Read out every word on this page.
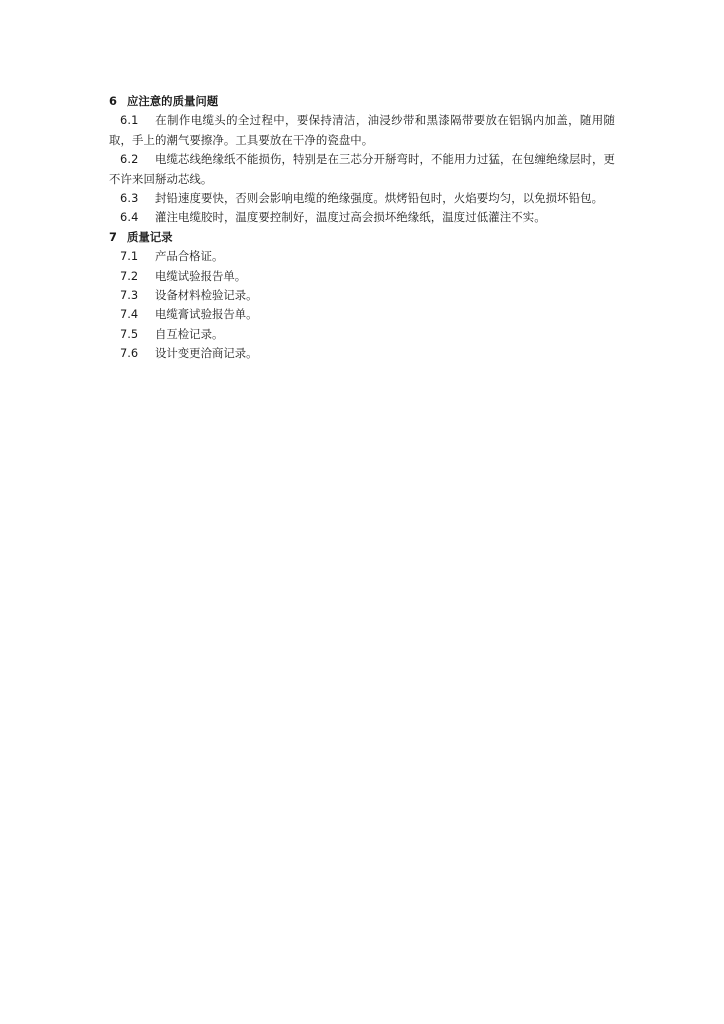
6 应注意的质量问题
6.1 在制作电缆头的全过程中，要保持清洁，油浸纱带和黑漆隔带要放在铝锅内加盖，随用随取，手上的潮气要擦净。工具要放在干净的瓷盘中。
6.2 电缆芯线绝缘纸不能损伤，特别是在三芯分开掰弯时，不能用力过猛，在包缠绝缘层时，更不许来回掰动芯线。
6.3 封铅速度要快，否则会影响电缆的绝缘强度。烘烤铅包时，火焰要均匀，以免损坏铅包。
6.4 灌注电缆胶时，温度要控制好，温度过高会损坏绝缘纸，温度过低灌注不实。
7 质量记录
7.1 产品合格证。
7.2 电缆试验报告单。
7.3 设备材料检验记录。
7.4 电缆膏试验报告单。
7.5 自互检记录。
7.6 设计变更洽商记录。
